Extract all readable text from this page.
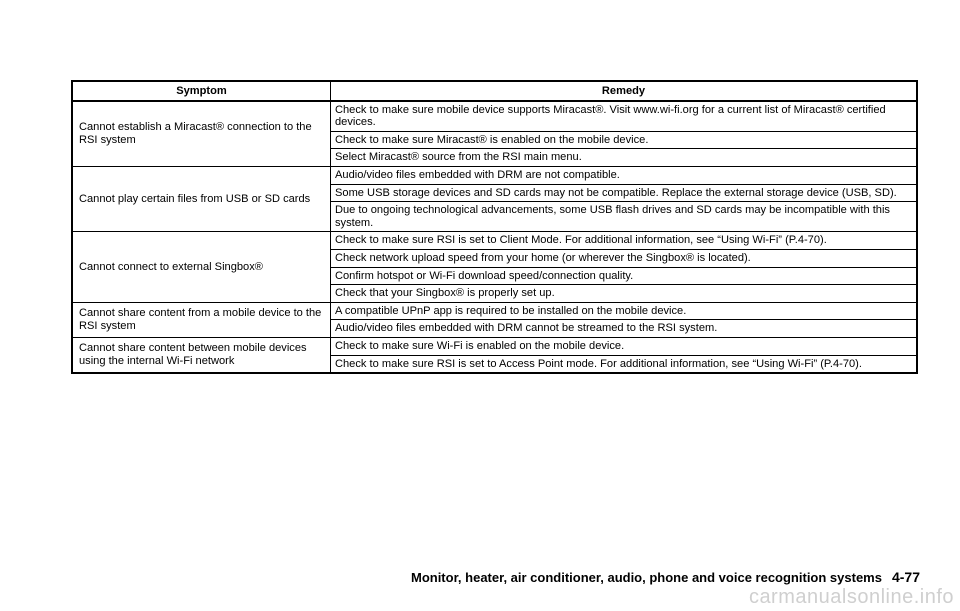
Symptom	Remedy
Cannot establish a Miracast® connection to the RSI system	Check to make sure mobile device supports Miracast®. Visit www.wi-fi.org for a current list of Miracast® certified devices.
	Check to make sure Miracast® is enabled on the mobile device.
	Select Miracast® source from the RSI main menu.
Cannot play certain files from USB or SD cards	Audio/video files embedded with DRM are not compatible.
	Some USB storage devices and SD cards may not be compatible. Replace the external storage device (USB, SD).
	Due to ongoing technological advancements, some USB flash drives and SD cards may be incompatible with this system.
Cannot connect to external Singbox®	Check to make sure RSI is set to Client Mode. For additional information, see “Using Wi-Fi” (P.4-70).
	Check network upload speed from your home (or wherever the Singbox® is located).
	Confirm hotspot or Wi-Fi download speed/connection quality.
	Check that your Singbox® is properly set up.
Cannot share content from a mobile device to the RSI system	A compatible UPnP app is required to be installed on the mobile device.
	Audio/video files embedded with DRM cannot be streamed to the RSI system.
Cannot share content between mobile devices using the internal Wi-Fi network	Check to make sure Wi-Fi is enabled on the mobile device.
	Check to make sure RSI is set to Access Point mode. For additional information, see “Using Wi-Fi” (P.4-70).
Monitor, heater, air conditioner, audio, phone and voice recognition systems 4-77
carmanualsonline.info
